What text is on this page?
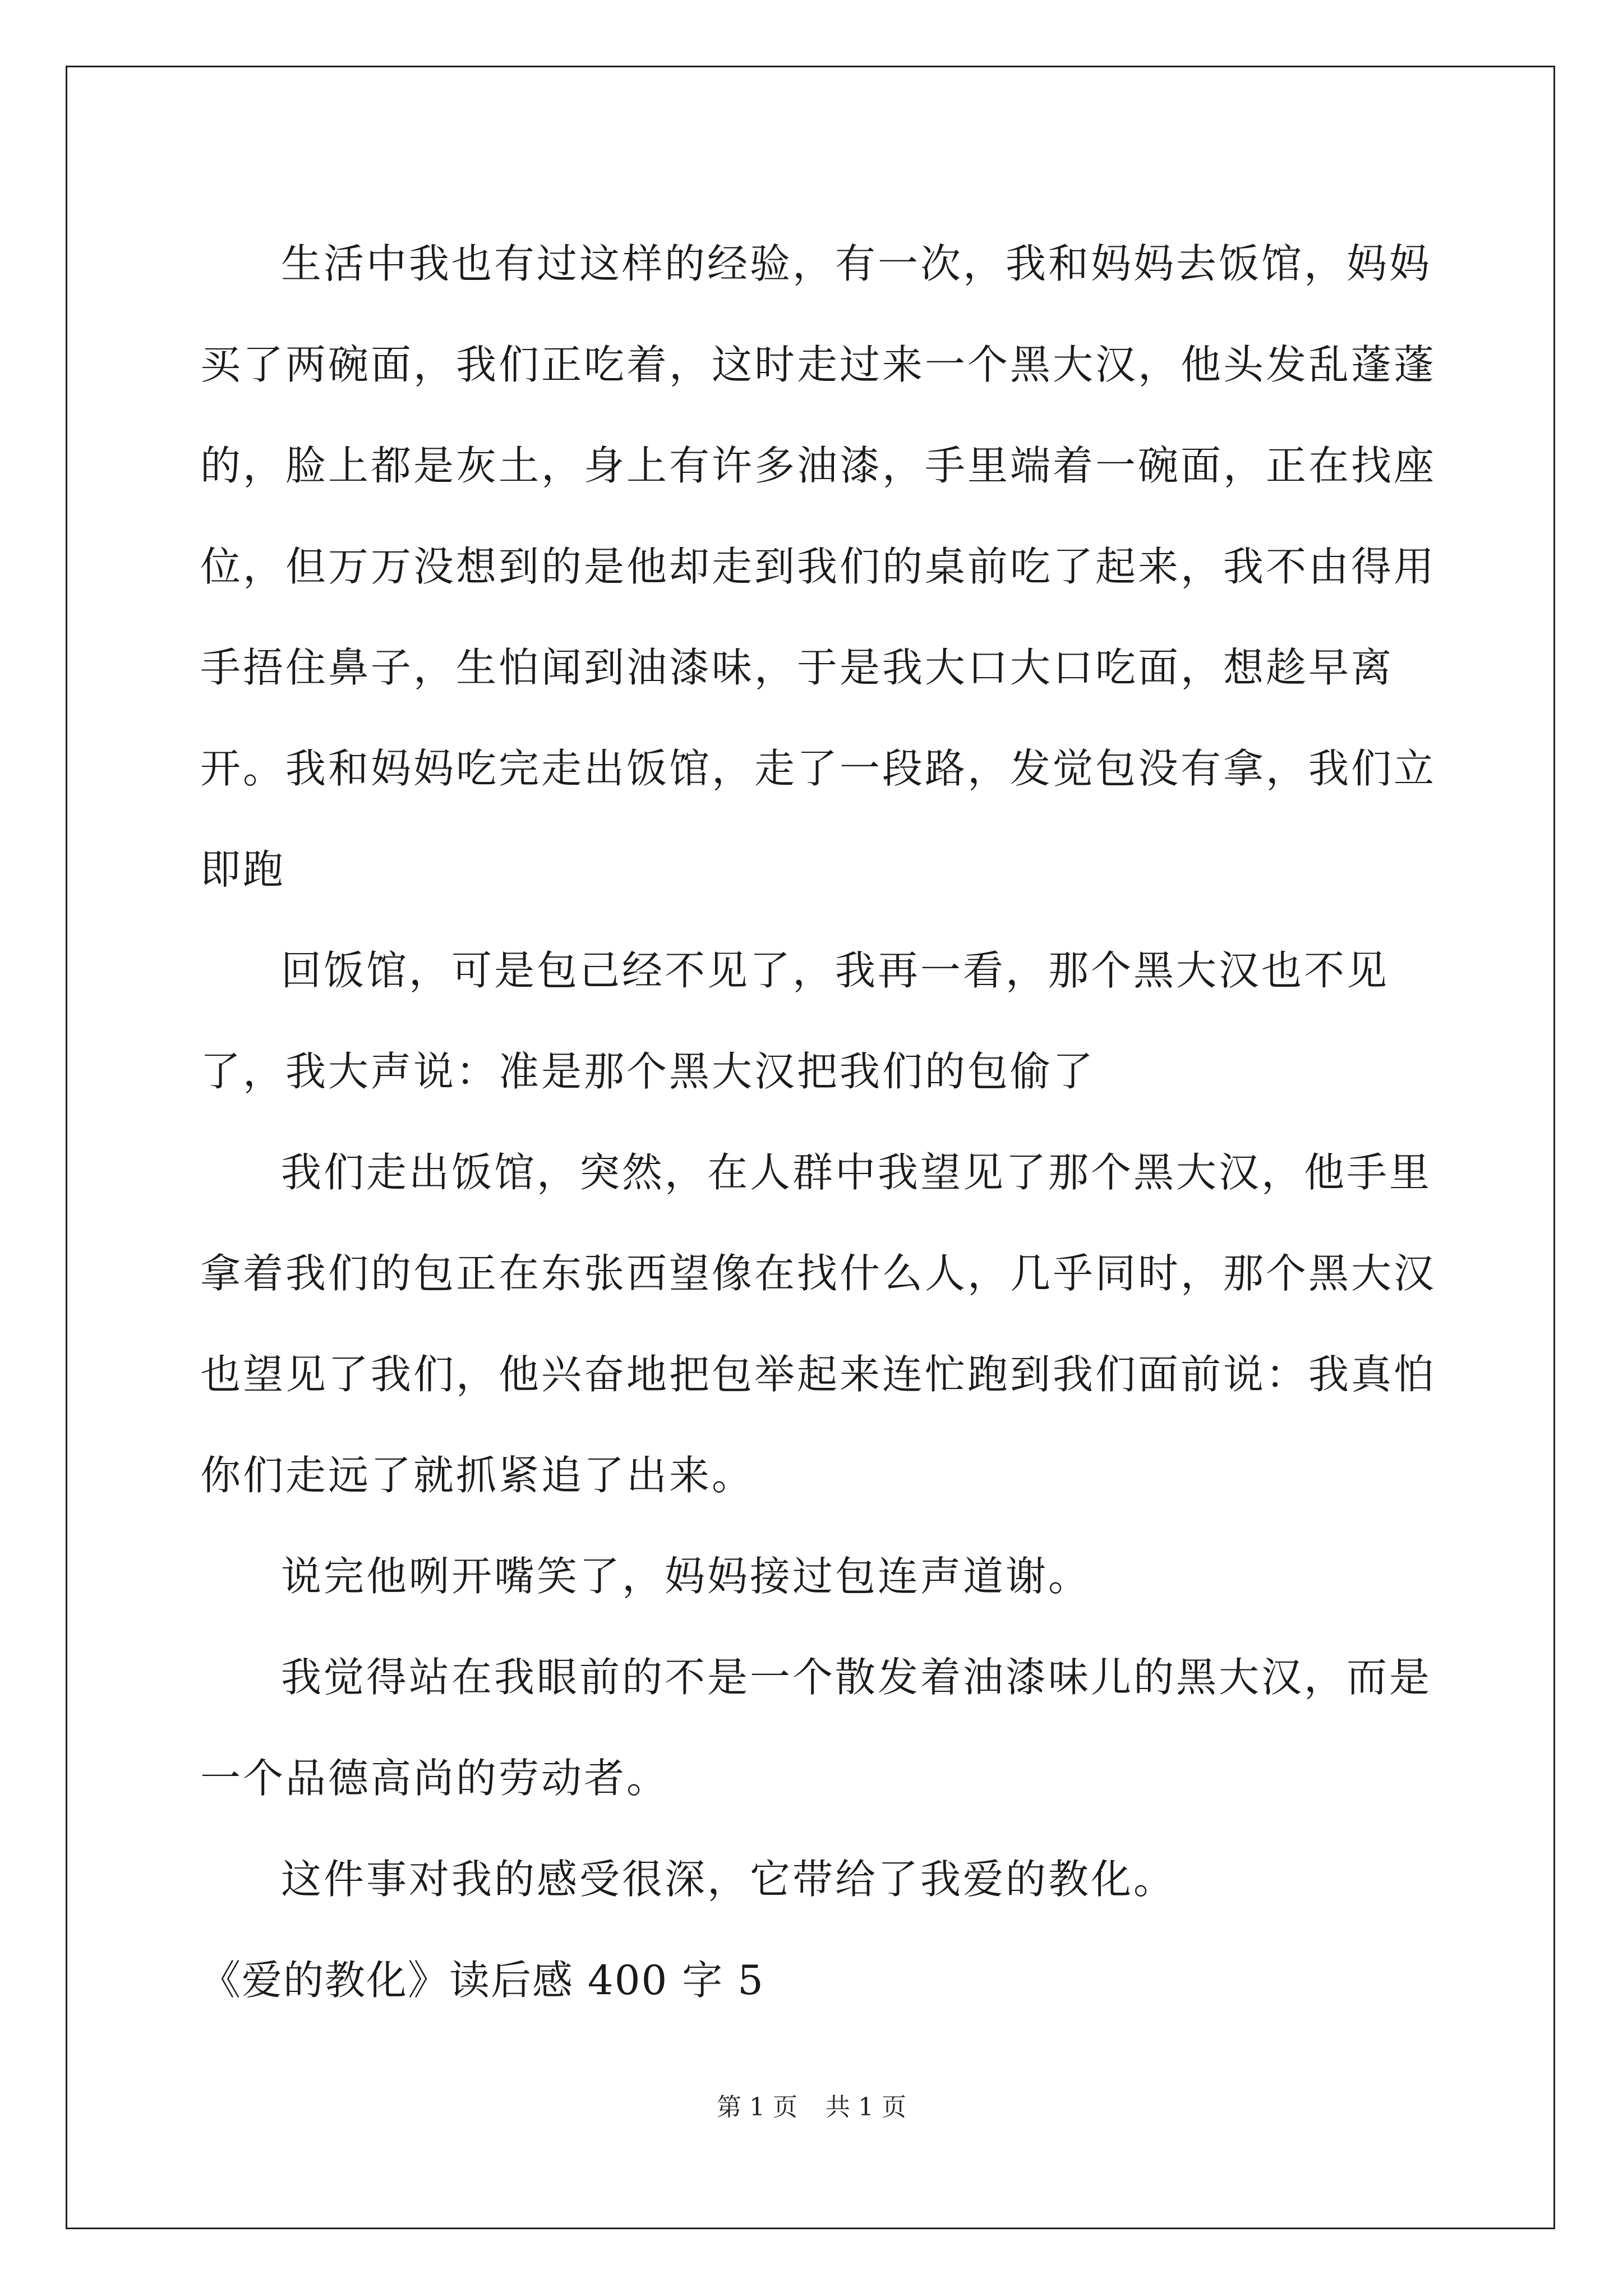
生活中我也有过这样的经验，有一次，我和妈妈去饭馆，妈妈买了两碗面，我们正吃着，这时走过来一个黑大汉，他头发乱蓬蓬的，脸上都是灰土，身上有许多油漆，手里端着一碗面，正在找座位，但万万没想到的是他却走到我们的桌前吃了起来，我不由得用手捂住鼻子，生怕闻到油漆味，于是我大口大口吃面，想趁早离开。我和妈妈吃完走出饭馆，走了一段路，发觉包没有拿，我们立即跑

回饭馆，可是包己经不见了，我再一看，那个黑大汉也不见了，我大声说：准是那个黑大汉把我们的包偷了

我们走出饭馆，突然，在人群中我望见了那个黑大汉，他手里拿着我们的包正在东张西望像在找什么人，几乎同时，那个黑大汉也望见了我们，他兴奋地把包举起来连忙跑到我们面前说：我真怕你们走远了就抓紧追了出来。

说完他咧开嘴笑了，妈妈接过包连声道谢。

我觉得站在我眼前的不是一个散发着油漆味儿的黑大汉，而是一个品德高尚的劳动者。

这件事对我的感受很深，它带给了我爱的教化。

《爱的教化》读后感 400 字 5

第 1 页 共 1 页
